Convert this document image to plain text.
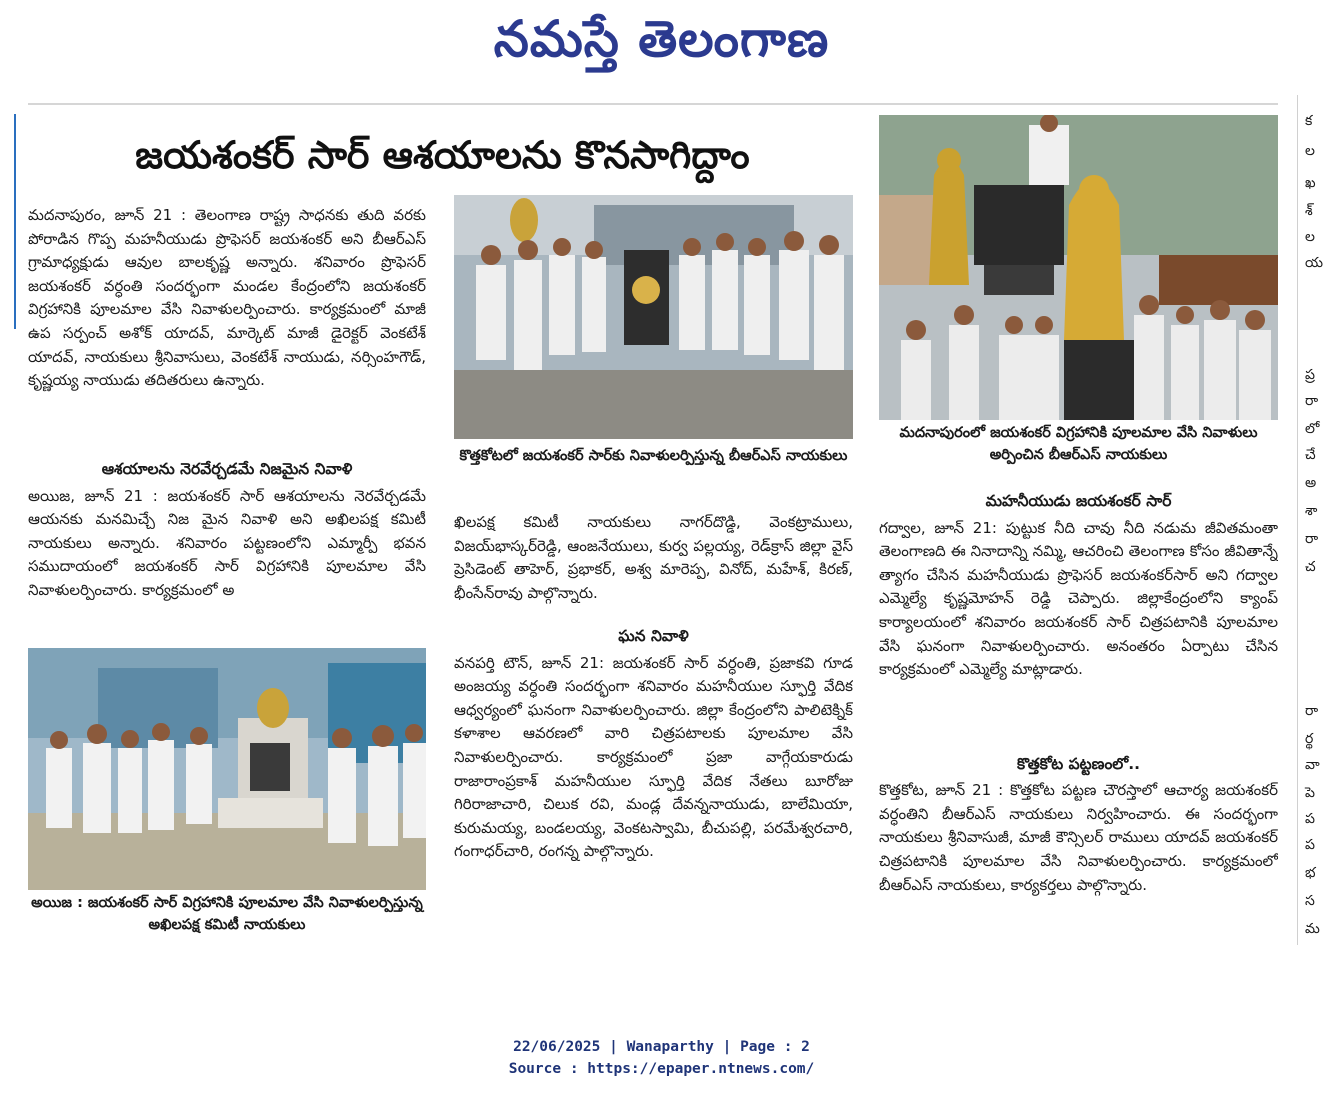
నమస్తే తెలంగాణ
జయశంకర్ సార్ ఆశయాలను కొనసాగిద్దాం

మదనాపురం, జూన్ 21 : తెలంగాణ రాష్ట్ర సాధనకు తుది వరకు పోరాడిన గొప్ప మహనీయుడు ప్రొఫెసర్ జయశంకర్ అని బీఆర్ఎస్ గ్రామాధ్యక్షుడు ఆవుల బాలకృష్ణ అన్నారు. శనివారం ప్రొఫెసర్ జయశంకర్ వర్ధంతి సందర్భంగా మండల కేంద్రంలోని జయశంకర్ విగ్రహానికి పూలమాల వేసి నివాళులర్పించారు. కార్యక్రమంలో మాజీ ఉప సర్పంచ్ అశోక్ యాదవ్, మార్కెట్ మాజీ డైరెక్టర్ వెంకటేశ్ యాదవ్, నాయకులు శ్రీనివాసులు, వెంకటేశ్ నాయుడు, నర్సింహగౌడ్, కృష్ణయ్య నాయుడు తదితరులు ఉన్నారు.

ఆశయాలను నెరవేర్చడమే నిజమైన నివాళి

అయిజ, జూన్ 21 : జయశంకర్ సార్ ఆశయాలను నెరవేర్చడమే ఆయనకు మనమిచ్చే నిజ మైన నివాళి అని అఖిలపక్ష కమిటీ నాయకులు అన్నారు. శనివారం పట్టణంలోని ఎమ్మార్పీ భవన సముదాయంలో జయశంకర్ సార్ విగ్రహానికి పూలమాల వేసి నివాళులర్పించారు. కార్యక్రమంలో అ

అయిజ : జయశంకర్ సార్ విగ్రహానికి పూలమాల వేసి నివాళులర్పిస్తున్న అఖిలపక్ష కమిటీ నాయకులు
కొత్తకోటలో జయశంకర్ సార్‌కు నివాళులర్పిస్తున్న బీఆర్ఎస్ నాయకులు

ఖిలపక్ష కమిటీ నాయకులు నాగర్‌దొడ్డి, వెంకట్రాములు, విజయ్‌భాస్కర్‌రెడ్డి, ఆంజనేయులు, కుర్వ పల్లయ్య, రెడ్‌క్రాస్ జిల్లా వైస్ ప్రెసిడెంట్ తాహెర్, ప్రభాకర్, అశ్వ మారెప్ప, వినోద్, మహేశ్, కిరణ్, భీంసేన్‌రావు పాల్గొన్నారు.

ఘన నివాళి

వనపర్తి టౌన్, జూన్ 21: జయశంకర్ సార్ వర్ధంతి, ప్రజాకవి గూడ అంజయ్య వర్ధంతి సందర్భంగా శనివారం మహనీయుల స్ఫూర్తి వేదిక ఆధ్వర్యంలో ఘనంగా నివాళులర్పించారు. జిల్లా కేంద్రంలోని పాలిటెక్నిక్ కళాశాల ఆవరణలో వారి చిత్రపటాలకు పూలమాల వేసి నివాళులర్పించారు. కార్యక్రమంలో ప్రజా వాగ్గేయకారుడు రాజారాంప్రకాశ్ మహనీయుల స్ఫూర్తి వేదిక నేతలు బూరోజు గిరిరాజాచారి, చిలుక రవి, మండ్ల దేవన్ననాయుడు, బాలేమియా, కురుమయ్య, బండలయ్య, వెంకటస్వామి, బీచుపల్లి, పరమేశ్వరచారి, గంగాధర్‌చారి, రంగన్న పాల్గొన్నారు.

మదనాపురంలో జయశంకర్ విగ్రహానికి పూలమాల వేసి నివాళులు అర్పించిన బీఆర్ఎస్ నాయకులు
మహనీయుడు జయశంకర్ సార్

గద్వాల, జూన్ 21: పుట్టుక నీది చావు నీది నడుమ జీవితమంతా తెలంగాణది ఈ నినాదాన్ని నమ్మి, ఆచరించి తెలంగాణ కోసం జీవితాన్నే త్యాగం చేసిన మహనీయుడు ప్రొఫెసర్ జయశంకర్‌సార్ అని గద్వాల ఎమ్మెల్యే కృష్ణమోహన్ రెడ్డి చెప్పారు. జిల్లాకేంద్రంలోని క్యాంప్ కార్యాలయంలో శనివారం జయశంకర్ సార్ చిత్రపటానికి పూలమాల వేసి ఘనంగా నివాళులర్పించారు. అనంతరం ఏర్పాటు చేసిన కార్యక్రమంలో ఎమ్మెల్యే మాట్లాడారు.

కొత్తకోట పట్టణంలో..

కొత్తకోట, జూన్ 21 : కొత్తకోట పట్టణ చౌరస్తాలో ఆచార్య జయశంకర్ వర్ధంతిని బీఆర్ఎస్ నాయకులు నిర్వహించారు. ఈ సందర్భంగా నాయకులు శ్రీనివాసుజీ, మాజీ కౌన్సిలర్ రాములు యాదవ్ జయశంకర్ చిత్రపటానికి పూలమాల వేసి నివాళులర్పించారు. కార్యక్రమంలో బీఆర్ఎస్ నాయకులు, కార్యకర్తలు పాల్గొన్నారు.

క
ల
ఖ
శ్
ల
య
ప్ర
రా
లో
చే
అ
శా
రా
చ
రా
ర్థ
వా
పె
ప
ప
భ
స
మ
22/06/2025 | Wanaparthy | Page : 2
Source : https://epaper.ntnews.com/
